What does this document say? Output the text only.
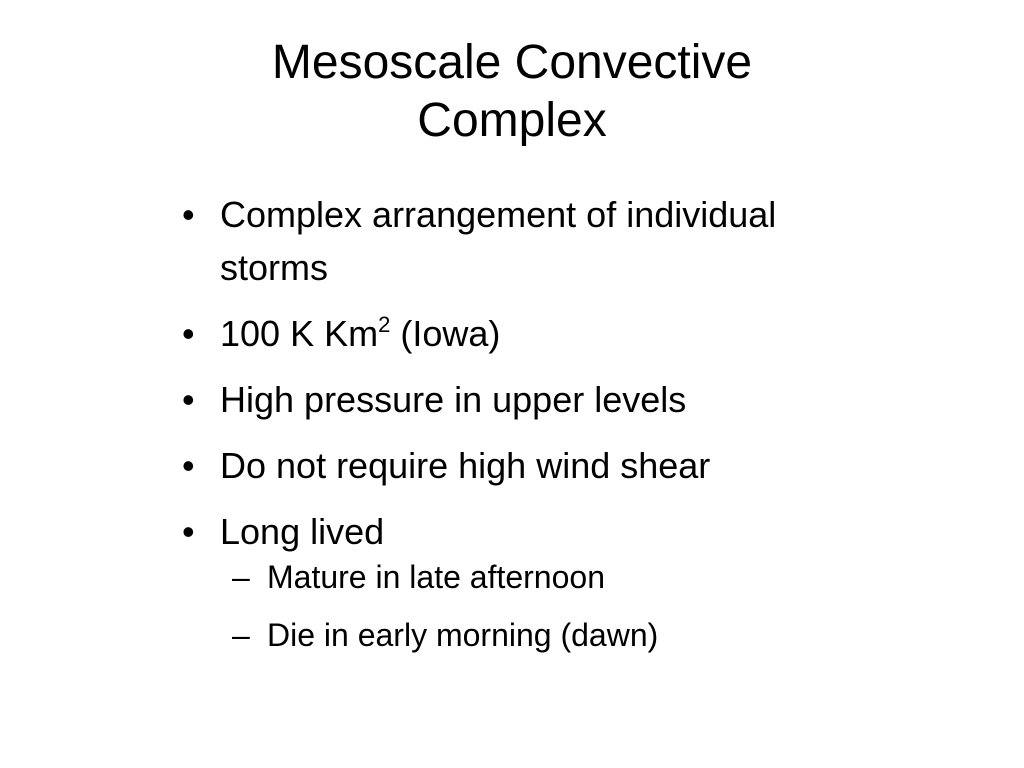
Mesoscale Convective
Complex
• Complex arrangement of individual storms
• 100 K Km$^2$ (Iowa)
• High pressure in upper levels
• Do not require high wind shear
• Long lived
– Mature in late afternoon
– Die in early morning (dawn)
